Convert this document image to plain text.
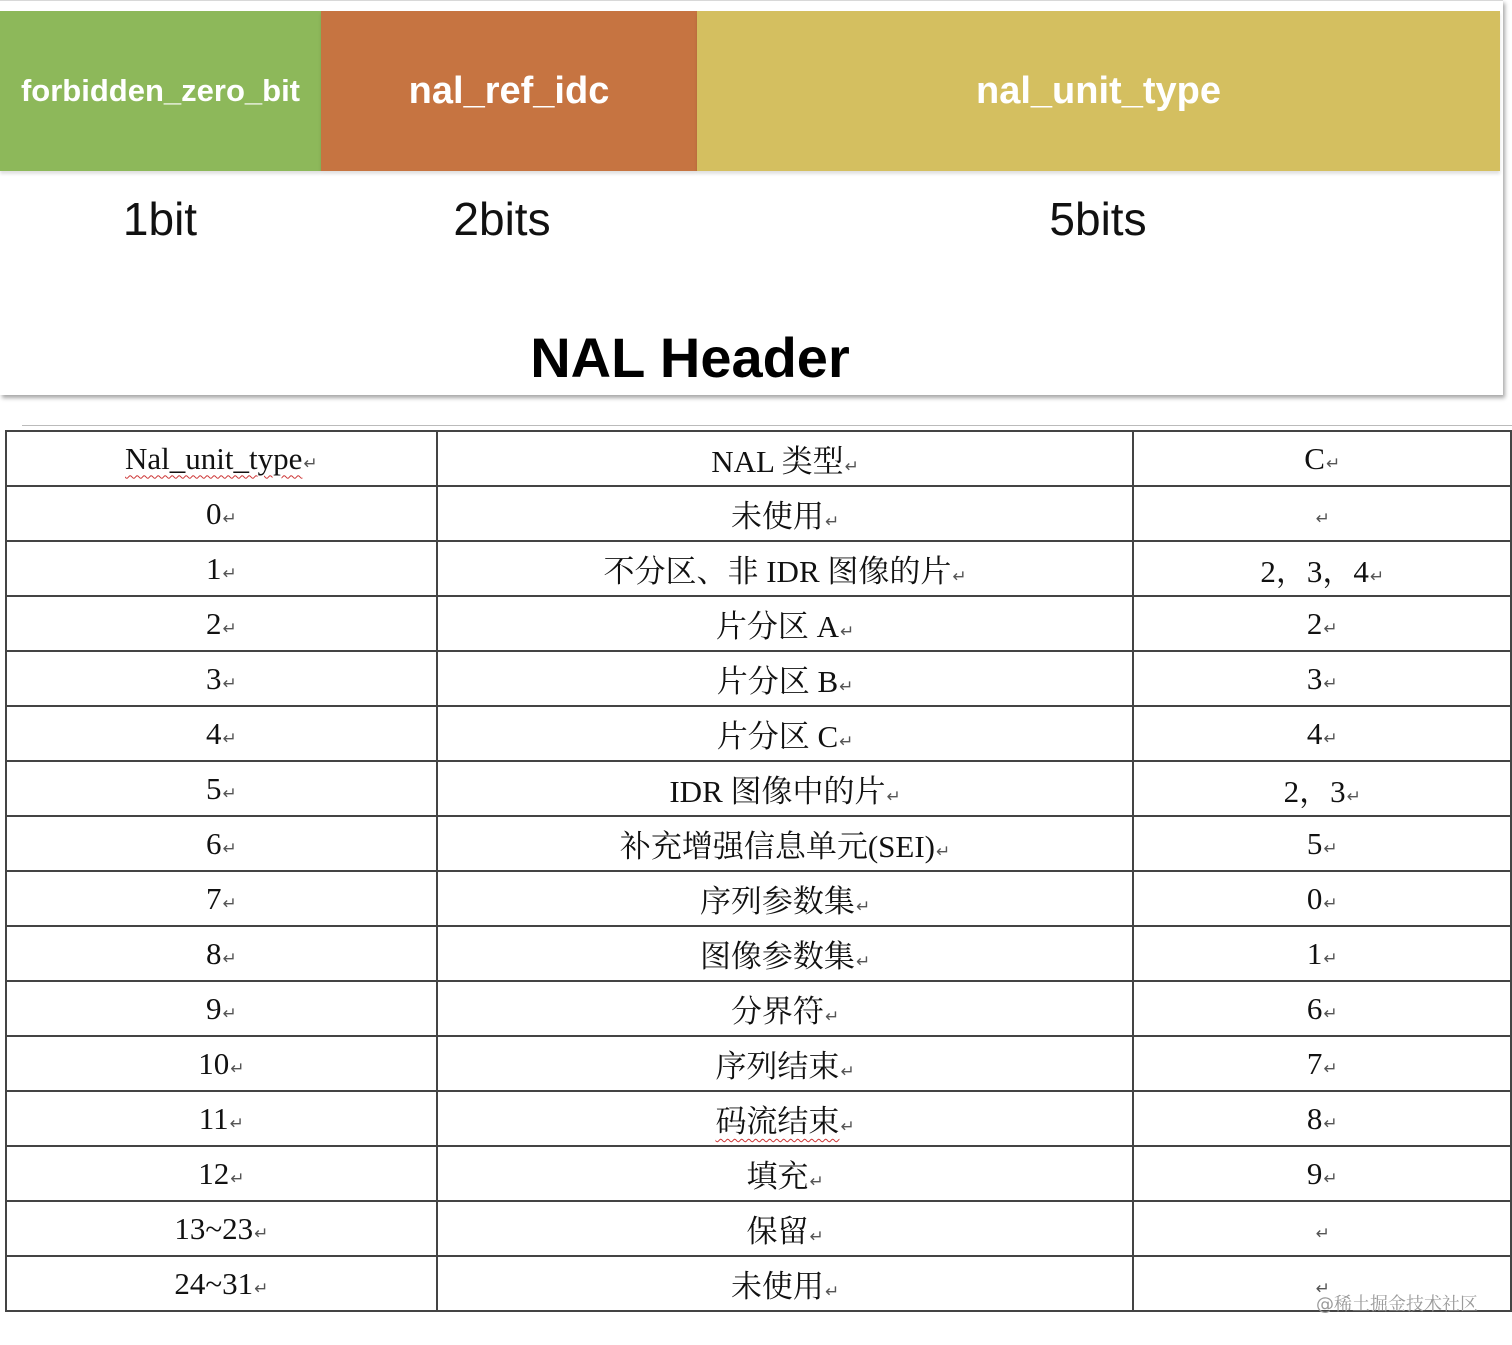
forbidden_zero_bit	nal_ref_idc	nal_unit_type
1bit	2bits	5bits
NAL Header
Nal_unit_type↵	NAL 类型↵	C↵
0↵	未使用↵	↵
1↵	不分区、非 IDR 图像的片↵	2，3，4↵
2↵	片分区 A↵	2↵
3↵	片分区 B↵	3↵
4↵	片分区 C↵	4↵
5↵	IDR 图像中的片↵	2，3↵
6↵	补充增强信息单元(SEI)↵	5↵
7↵	序列参数集↵	0↵
8↵	图像参数集↵	1↵
9↵	分界符↵	6↵
10↵	序列结束↵	7↵
11↵	码流结束↵	8↵
12↵	填充↵	9↵
13~23↵	保留↵	↵
24~31↵	未使用↵	↵
@稀土掘金技术社区
